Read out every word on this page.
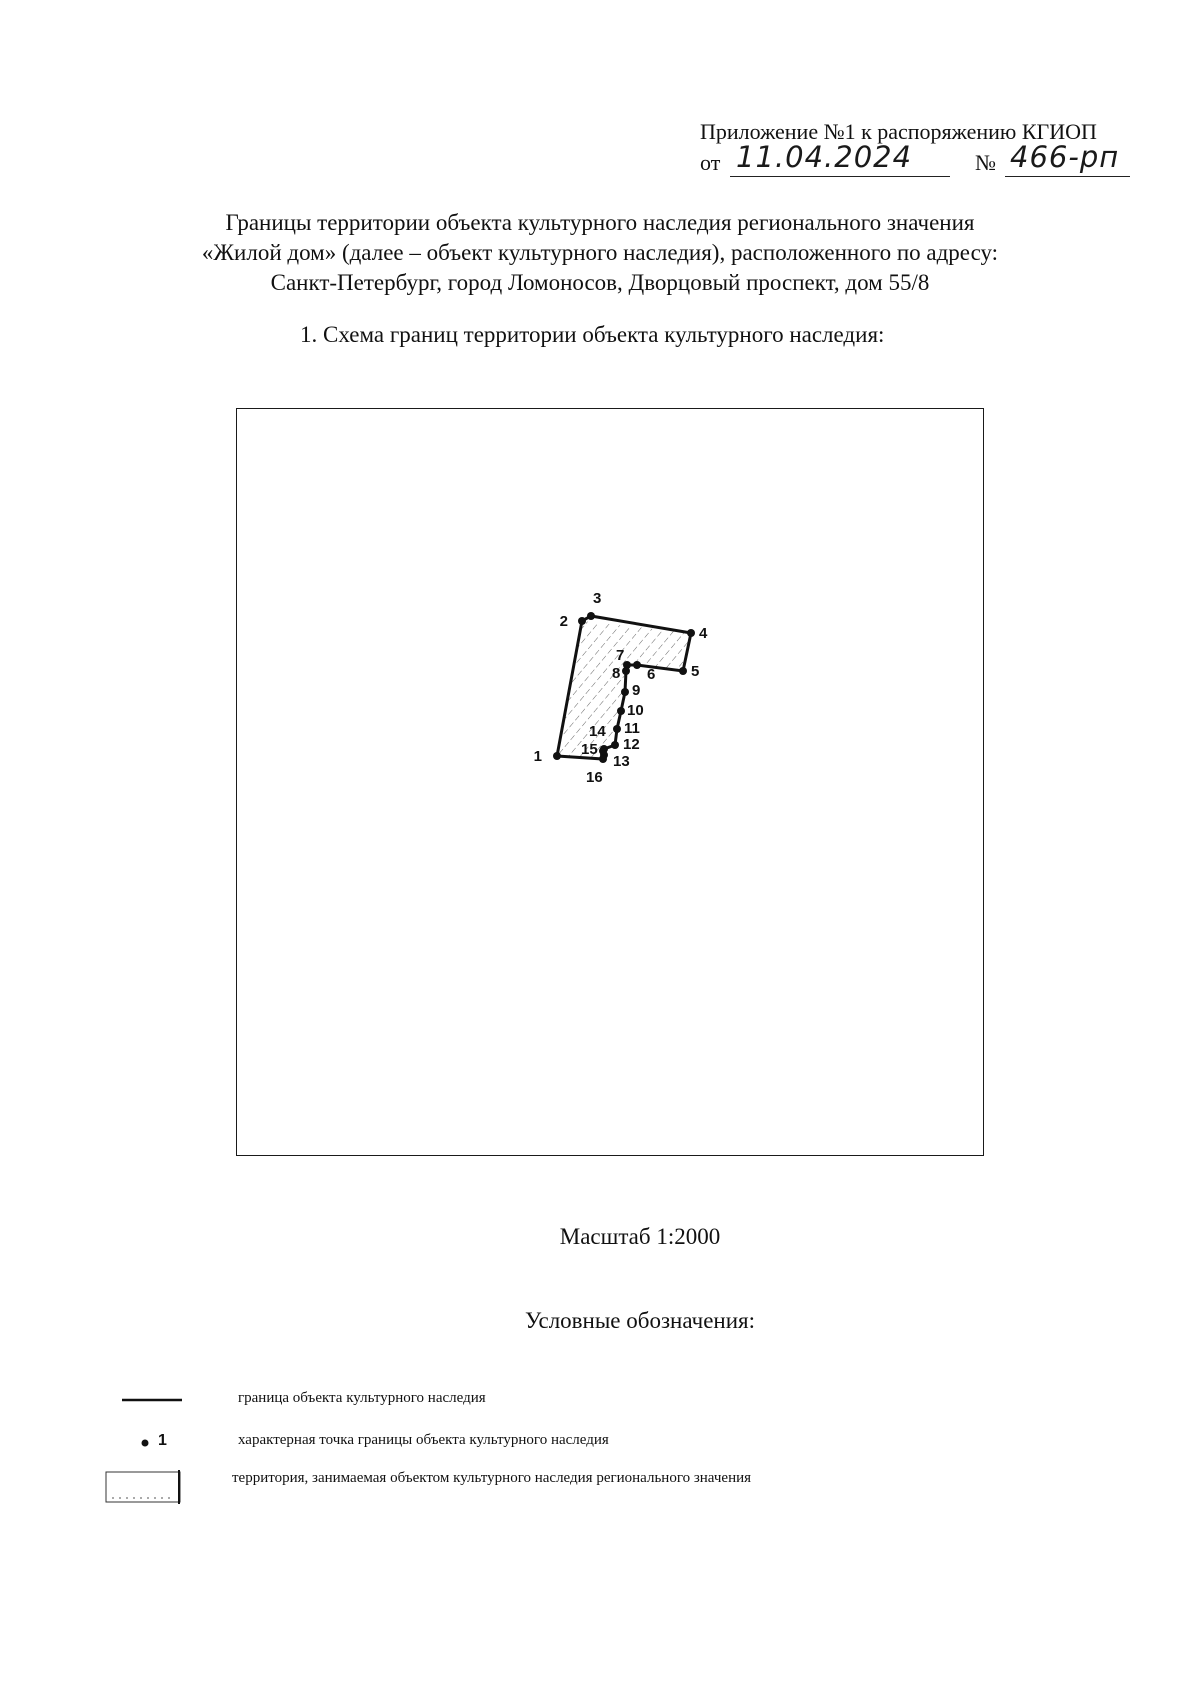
Приложение №1 к распоряжению КГИОП
от 11.04.2024	№ 466-рп
Границы территории объекта культурного наследия регионального значения
«Жилой дом» (далее – объект культурного наследия), расположенного по адресу:
Санкт-Петербург, город Ломоносов, Дворцовый проспект, дом 55/8
1. Схема границ территории объекта культурного наследия:
1
2
3
4
5
6
7
8
9
10
11
12
13
14
15
16
Масштаб 1:2000
Условные обозначения:
граница объекта культурного наследия
1	характерная точка границы объекта культурного наследия
территория, занимаемая объектом культурного наследия регионального значения
